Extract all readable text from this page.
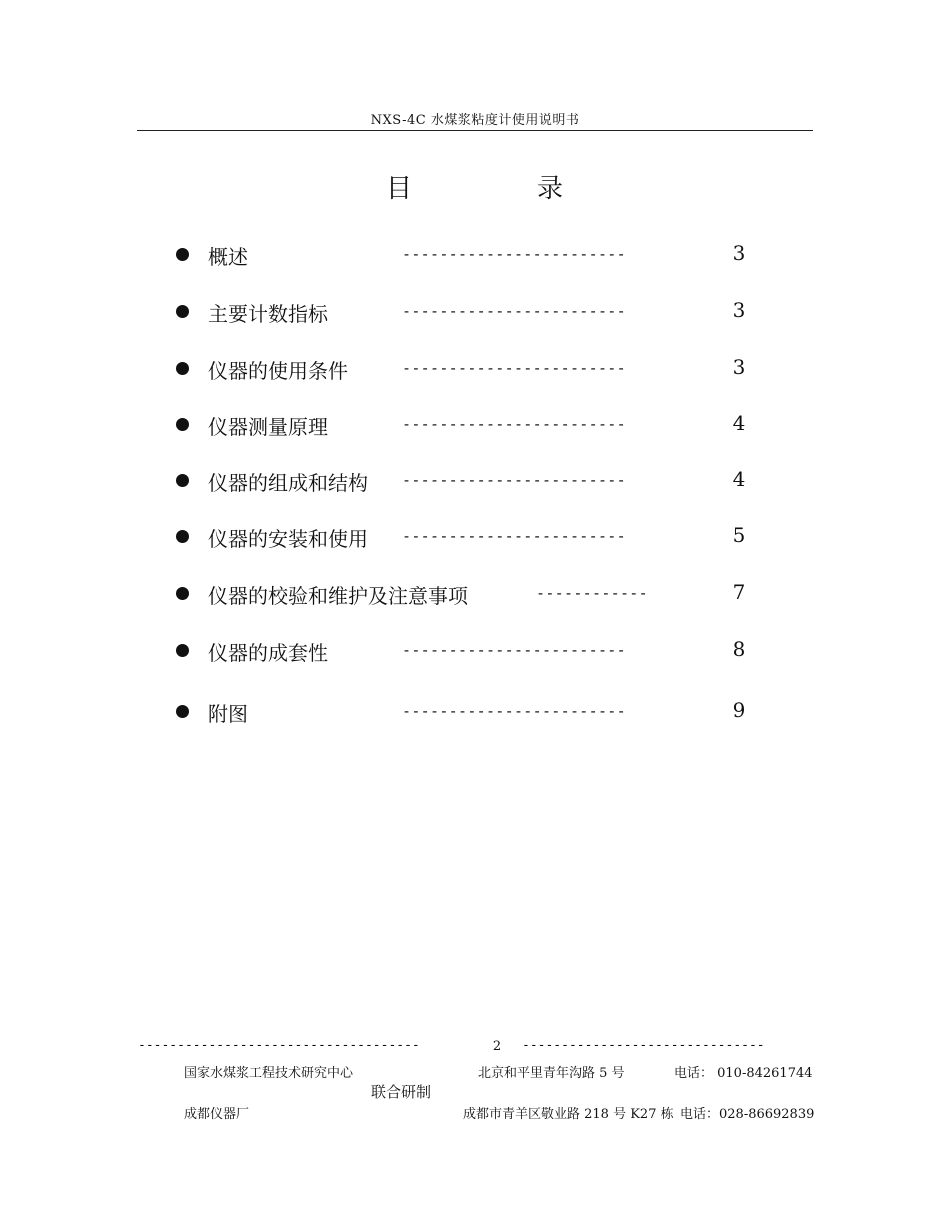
NXS-4C 水煤浆粘度计使用说明书
目	录
概述	------------------------	3
主要计数指标	------------------------	3
仪器的使用条件	------------------------	3
仪器测量原理	------------------------	4
仪器的组成和结构 ------------------------	4
仪器的安装和使用 ------------------------	5
仪器的校验和维护及注意事项	------------	7
仪器的成套性	------------------------	8
附图	------------------------	9
------------------------------------	-------------------------------
2
国家水煤浆工程技术研究中心	北京和平里青年沟路 5 号	电话： 010-84261744
联合研制
成都仪器厂	成都市青羊区敬业路 218 号 K27 栋 电话：028-86692839
